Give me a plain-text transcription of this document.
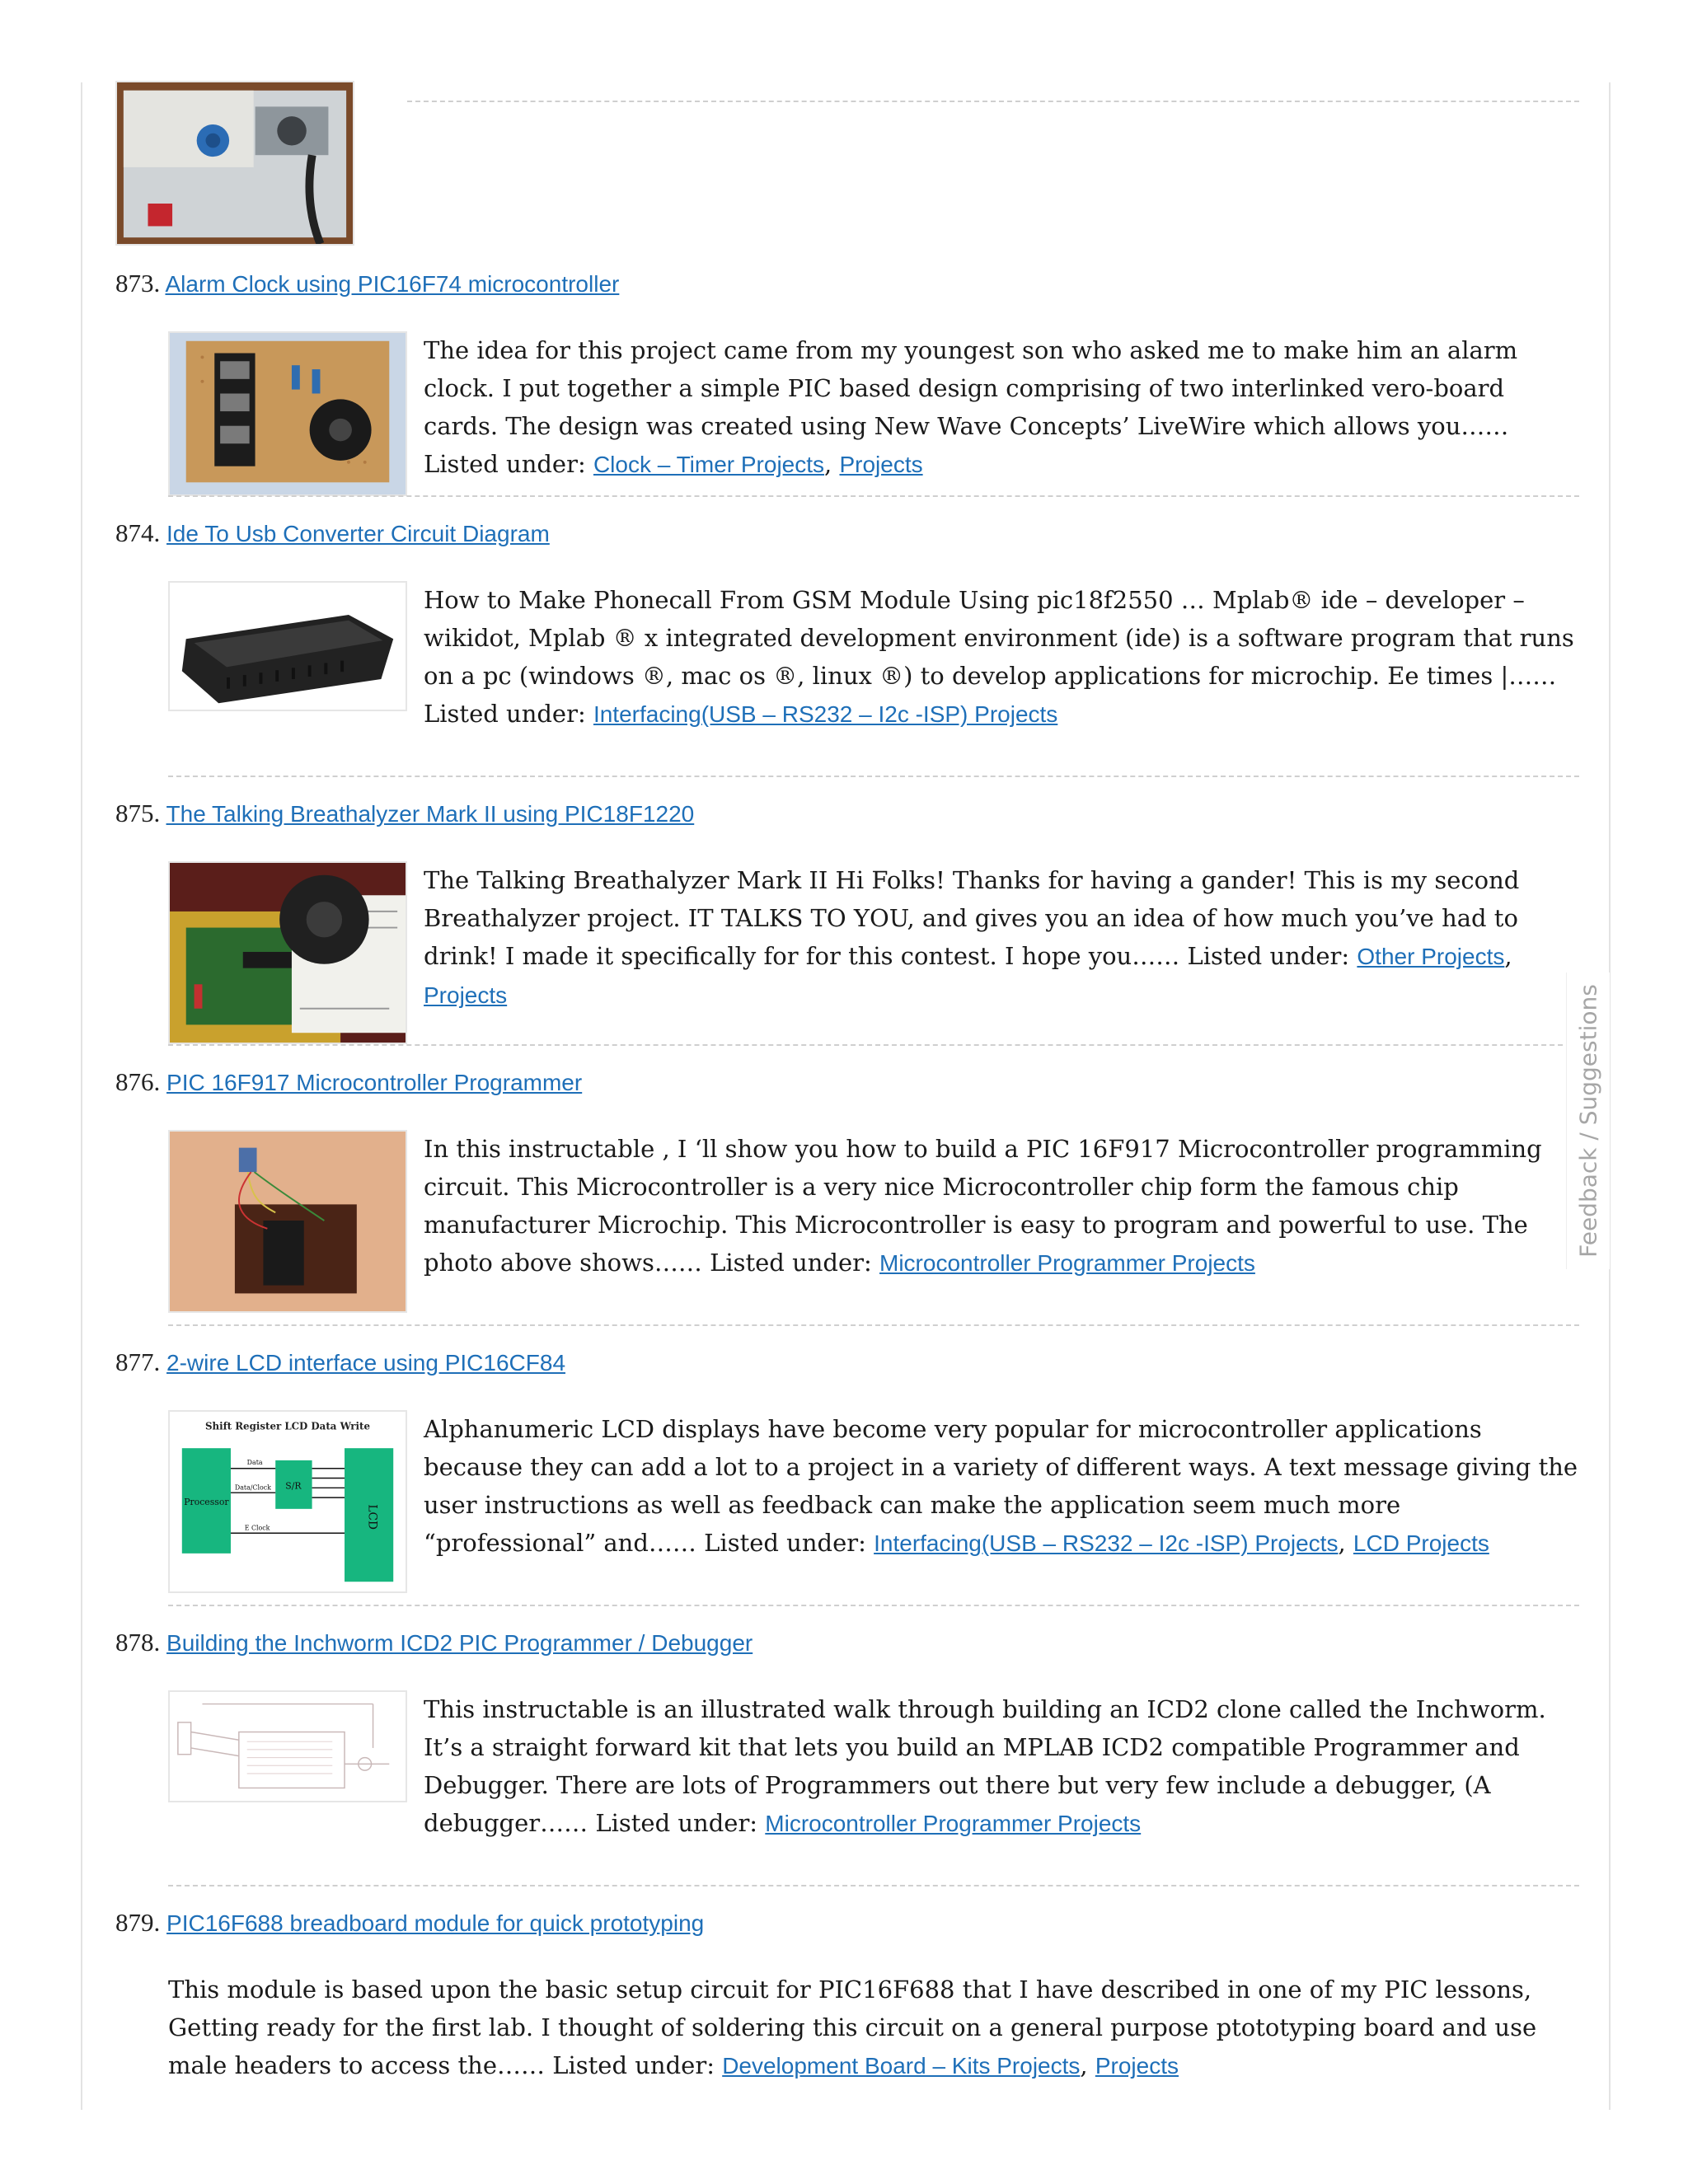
873. Alarm Clock using PIC16F74 microcontroller
The idea for this project came from my youngest son who asked me to make him an alarm clock. I put together a simple PIC based design comprising of two interlinked vero-board cards. The design was created using New Wave Concepts’ LiveWire which allows you…… Listed under: Clock – Timer Projects, Projects
874. Ide To Usb Converter Circuit Diagram
How to Make Phonecall From GSM Module Using pic18f2550 … Mplab® ide – developer – wikidot, Mplab ® x integrated development environment (ide) is a software program that runs on a pc (windows ®, mac os ®, linux ®) to develop applications for microchip. Ee times |…… Listed under: Interfacing(USB – RS232 – I2c -ISP) Projects
875. The Talking Breathalyzer Mark II using PIC18F1220
The Talking Breathalyzer Mark II Hi Folks! Thanks for having a gander! This is my second Breathalyzer project. IT TALKS TO YOU, and gives you an idea of how much you’ve had to drink! I made it specifically for for this contest. I hope you…… Listed under: Other Projects, Projects
876. PIC 16F917 Microcontroller Programmer
In this instructable , I ‘ll show you how to build a PIC 16F917 Microcontroller programming circuit. This Microcontroller is a very nice Microcontroller chip form the famous chip manufacturer Microchip. This Microcontroller is easy to program and powerful to use. The photo above shows…… Listed under: Microcontroller Programmer Projects
877. 2-wire LCD interface using PIC16CF84
Shift Register LCD Data Write
Processor
S/R
LCD
Data
Data/Clock
E Clock
Alphanumeric LCD displays have become very popular for microcontroller applications because they can add a lot to a project in a variety of different ways. A text message giving the user instructions as well as feedback can make the application seem much more “professional” and…… Listed under: Interfacing(USB – RS232 – I2c -ISP) Projects, LCD Projects
878. Building the Inchworm ICD2 PIC Programmer / Debugger
This instructable is an illustrated walk through building an ICD2 clone called the Inchworm. It’s a straight forward kit that lets you build an MPLAB ICD2 compatible Programmer and Debugger. There are lots of Programmers out there but very few include a debugger, (A debugger…… Listed under: Microcontroller Programmer Projects
879. PIC16F688 breadboard module for quick prototyping
This module is based upon the basic setup circuit for PIC16F688 that I have described in one of my PIC lessons, Getting ready for the first lab. I thought of soldering this circuit on a general purpose ptototyping board and use male headers to access the…… Listed under: Development Board – Kits Projects, Projects
Feedback / Suggestions
